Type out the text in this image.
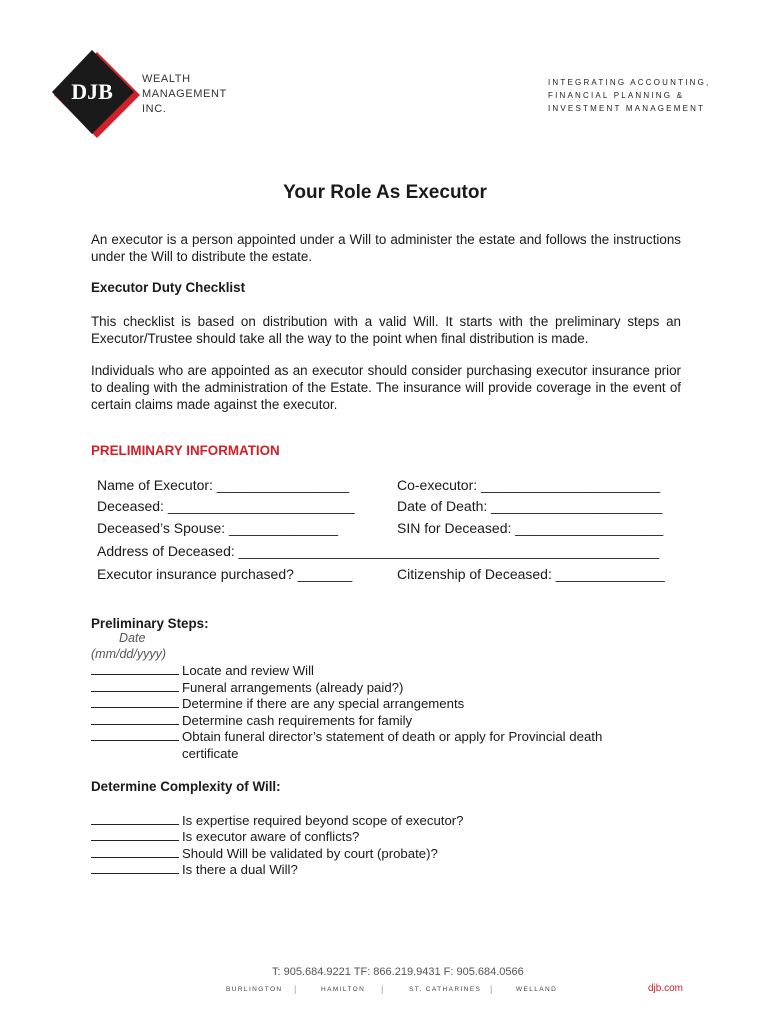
DJB	WEALTH
MANAGEMENT
INC.
INTEGRATING ACCOUNTING,
FINANCIAL PLANNING &
INVESTMENT MANAGEMENT
Your Role As Executor

An executor is a person appointed under a Will to administer the estate and follows the instructions under the Will to distribute the estate.

Executor Duty Checklist

This checklist is based on distribution with a valid Will. It starts with the preliminary steps an Executor/Trustee should take all the way to the point when final distribution is made.

Individuals who are appointed as an executor should consider purchasing executor insurance prior to dealing with the administration of the Estate. The insurance will provide coverage in the event of certain claims made against the executor.

PRELIMINARY INFORMATION
Name of Executor: _________________	Co-executor: _______________________
Deceased: ________________________	Date of Death: ______________________
Deceased’s Spouse: ______________	SIN for Deceased: ___________________
Address of Deceased: ______________________________________________________
Executor insurance purchased? _______	Citizenship of Deceased: ______________
Preliminary Steps:
Date
(mm/dd/yyyy)
Locate and review Will
Funeral arrangements (already paid?)
Determine if there are any special arrangements
Determine cash requirements for family
Obtain funeral director’s statement of death or apply for Provincial death
certificate
Determine Complexity of Will:
Is expertise required beyond scope of executor?
Is executor aware of conflicts?
Should Will be validated by court (probate)?
Is there a dual Will?
T: 905.684.9221 TF: 866.219.9431 F: 905.684.0566
BURLINGTON |	HAMILTON |	ST. CATHARINES |	WELLAND	djb.com
